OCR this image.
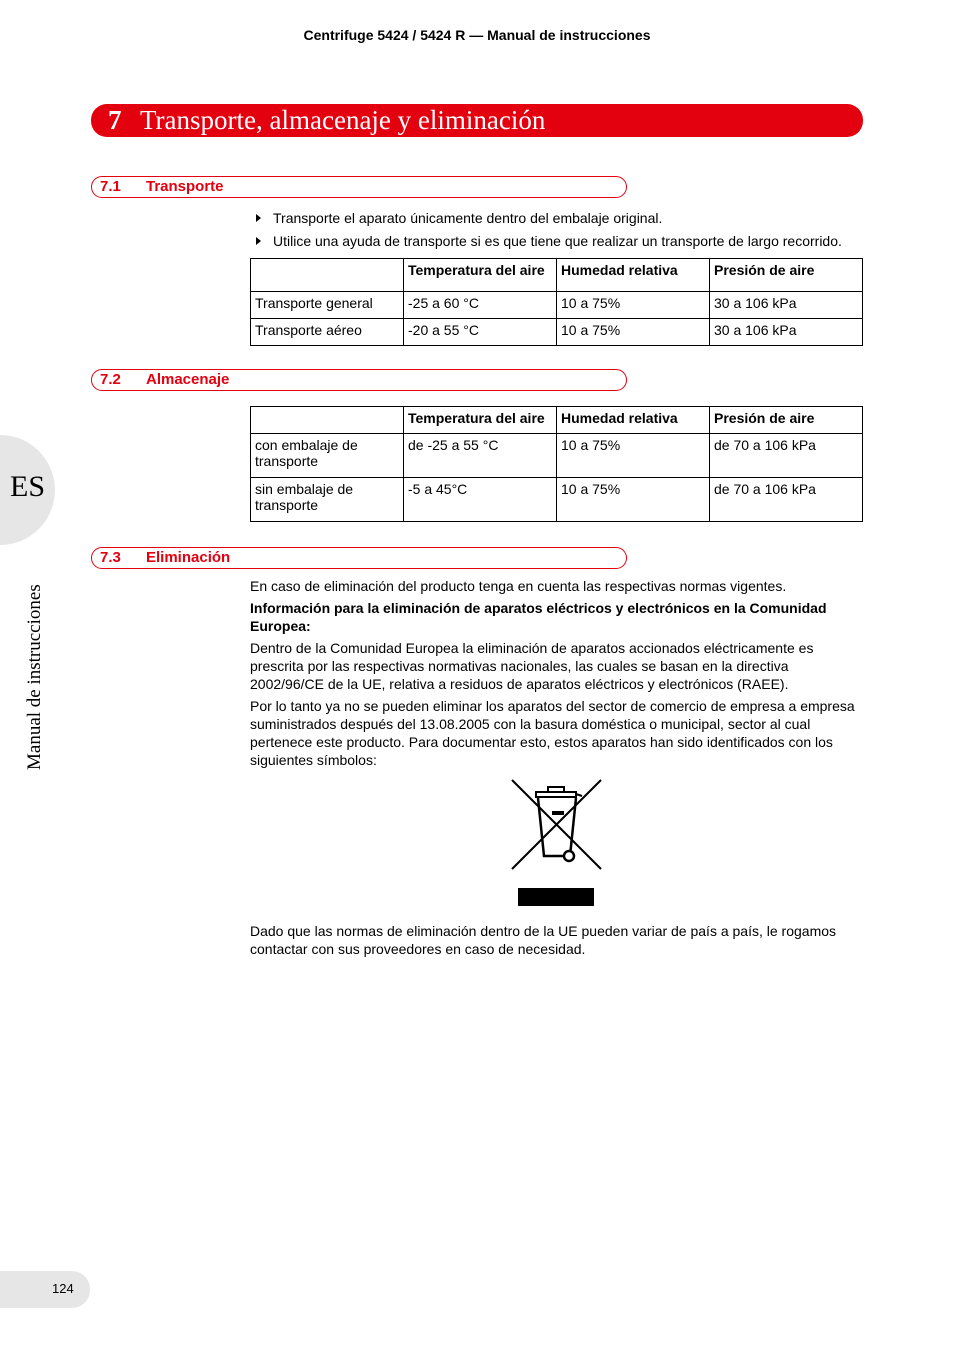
Centrifuge 5424 / 5424 R — Manual de instrucciones
7 Transporte, almacenaje y eliminación
7.1 Transporte
Transporte el aparato únicamente dentro del embalaje original.
Utilice una ayuda de transporte si es que tiene que realizar un transporte de largo recorrido.
	Temperatura del aire	Humedad relativa	Presión de aire
Transporte general	-25 a 60 °C	10 a 75%	30 a 106 kPa
Transporte aéreo	-20 a 55 °C	10 a 75%	30 a 106 kPa
7.2 Almacenaje
	Temperatura del aire	Humedad relativa	Presión de aire
con embalaje de transporte	de -25 a 55 °C	10 a 75%	de 70 a 106 kPa
sin embalaje de transporte	-5 a 45°C	10 a 75%	de 70 a 106 kPa
7.3 Eliminación

En caso de eliminación del producto tenga en cuenta las respectivas normas vigentes.

Información para la eliminación de aparatos eléctricos y electrónicos en la Comunidad Europea:

Dentro de la Comunidad Europea la eliminación de aparatos accionados eléctricamente es prescrita por las respectivas normativas nacionales, las cuales se basan en la directiva 2002/96/CE de la UE, relativa a residuos de aparatos eléctricos y electrónicos (RAEE).

Por lo tanto ya no se pueden eliminar los aparatos del sector de comercio de empresa a empresa suministrados después del 13.08.2005 con la basura doméstica o municipal, sector al cual pertenece este producto. Para documentar esto, estos aparatos han sido identificados con los siguientes símbolos:

Dado que las normas de eliminación dentro de la UE pueden variar de país a país, le rogamos contactar con sus proveedores en caso de necesidad.

ES
Manual de instrucciones
124
